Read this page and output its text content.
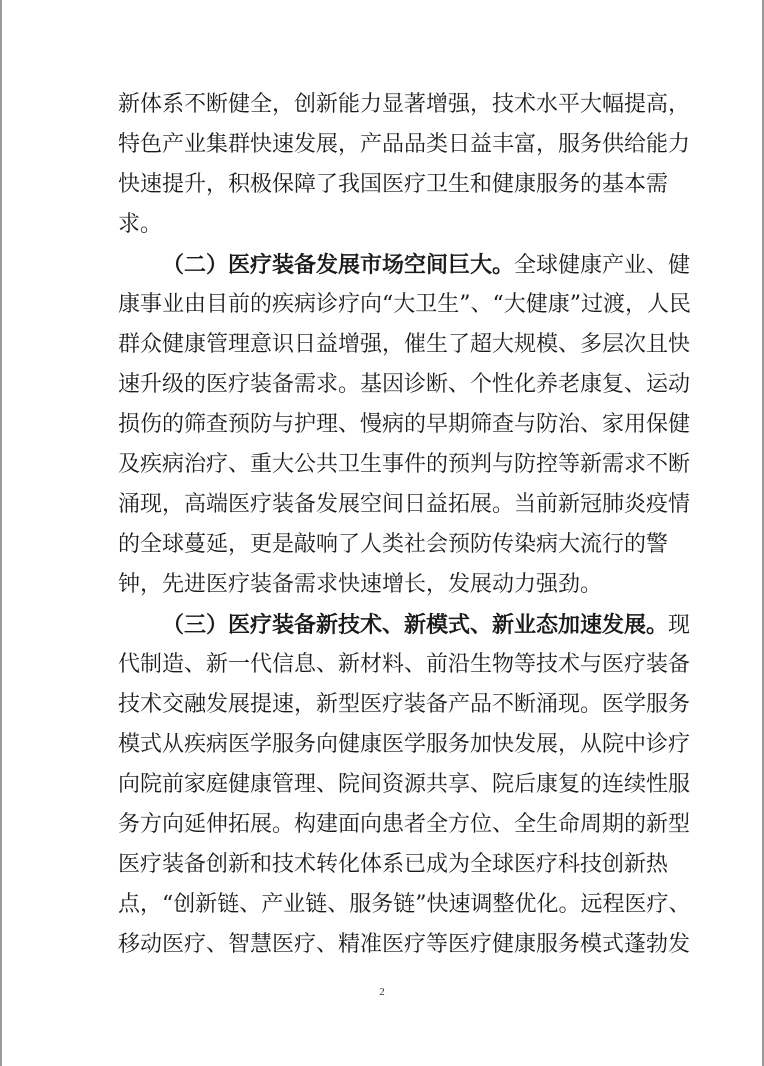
新体系不断健全，创新能力显著增强，技术水平大幅提高，
特色产业集群快速发展，产品品类日益丰富，服务供给能力
快速提升，积极保障了我国医疗卫生和健康服务的基本需
求。
（二）医疗装备发展市场空间巨大。全球健康产业、健
康事业由目前的疾病诊疗向“大卫生”、“大健康”过渡，人民
群众健康管理意识日益增强，催生了超大规模、多层次且快
速升级的医疗装备需求。基因诊断、个性化养老康复、运动
损伤的筛查预防与护理、慢病的早期筛查与防治、家用保健
及疾病治疗、重大公共卫生事件的预判与防控等新需求不断
涌现，高端医疗装备发展空间日益拓展。当前新冠肺炎疫情
的全球蔓延，更是敲响了人类社会预防传染病大流行的警
钟，先进医疗装备需求快速增长，发展动力强劲。
（三）医疗装备新技术、新模式、新业态加速发展。现
代制造、新一代信息、新材料、前沿生物等技术与医疗装备
技术交融发展提速，新型医疗装备产品不断涌现。医学服务
模式从疾病医学服务向健康医学服务加快发展，从院中诊疗
向院前家庭健康管理、院间资源共享、院后康复的连续性服
务方向延伸拓展。构建面向患者全方位、全生命周期的新型
医疗装备创新和技术转化体系已成为全球医疗科技创新热
点，“创新链、产业链、服务链”快速调整优化。远程医疗、
移动医疗、智慧医疗、精准医疗等医疗健康服务模式蓬勃发
2
